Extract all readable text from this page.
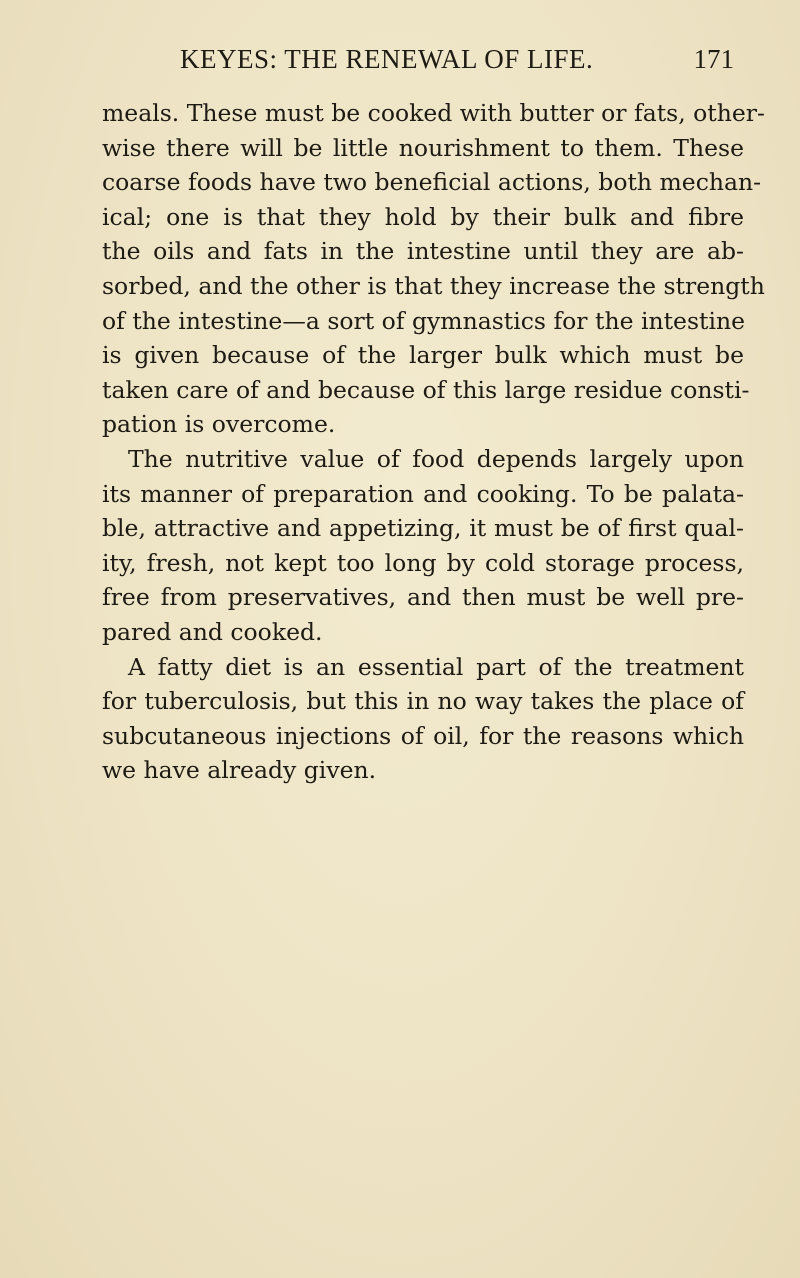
KEYES: THE RENEWAL OF LIFE.	171
meals. These must be cooked with butter or fats, other-
wise there will be little nourishment to them. These
coarse foods have two beneficial actions, both mechan-
ical; one is that they hold by their bulk and fibre
the oils and fats in the intestine until they are ab-
sorbed, and the other is that they increase the strength
of the intestine—a sort of gymnastics for the intestine
is given because of the larger bulk which must be
taken care of and because of this large residue consti-
pation is overcome.
The nutritive value of food depends largely upon
its manner of preparation and cooking. To be palata-
ble, attractive and appetizing, it must be of first qual-
ity, fresh, not kept too long by cold storage process,
free from preservatives, and then must be well pre-
pared and cooked.
A fatty diet is an essential part of the treatment
for tuberculosis, but this in no way takes the place of
subcutaneous injections of oil, for the reasons which
we have already given.
